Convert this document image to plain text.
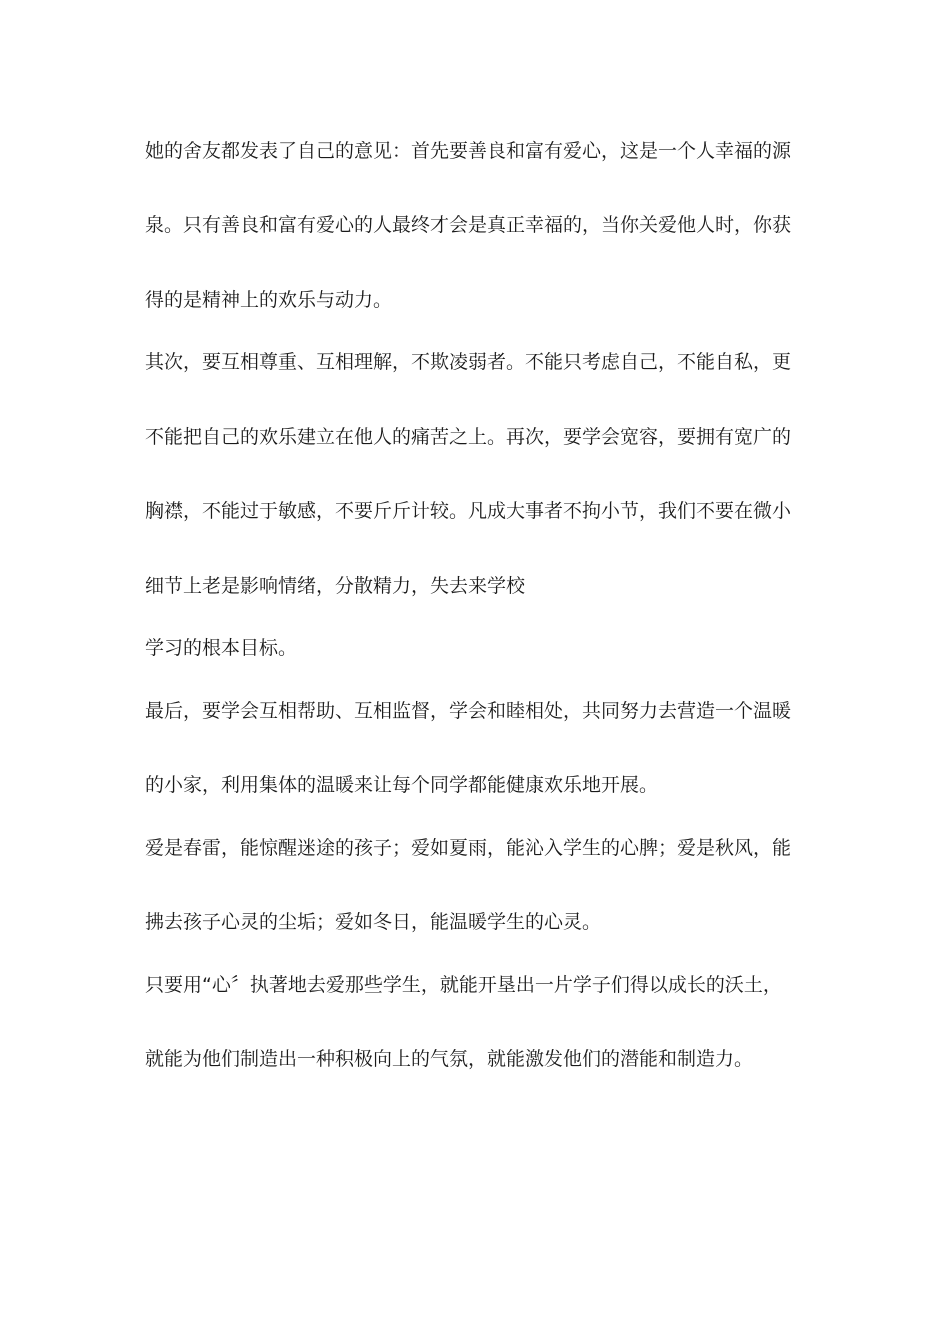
她的舍友都发表了自己的意见：首先要善良和富有爱心，这是一个人幸福的源
泉。只有善良和富有爱心的人最终才会是真正幸福的，当你关爱他人时，你获
得的是精神上的欢乐与动力。
其次，要互相尊重、互相理解，不欺凌弱者。不能只考虑自己，不能自私，更
不能把自己的欢乐建立在他人的痛苦之上。再次，要学会宽容，要拥有宽广的
胸襟，不能过于敏感，不要斤斤计较。凡成大事者不拘小节，我们不要在微小
细节上老是影响情绪，分散精力，失去来学校
学习的根本目标。
最后，要学会互相帮助、互相监督，学会和睦相处，共同努力去营造一个温暖
的小家，利用集体的温暖来让每个同学都能健康欢乐地开展。
爱是春雷，能惊醒迷途的孩子；爱如夏雨，能沁入学生的心脾；爱是秋风，能
拂去孩子心灵的尘垢；爱如冬日，能温暖学生的心灵。
只要用“心〞执著地去爱那些学生，就能开垦出一片学子们得以成长的沃土，
就能为他们制造出一种积极向上的气氛，就能激发他们的潜能和制造力。
